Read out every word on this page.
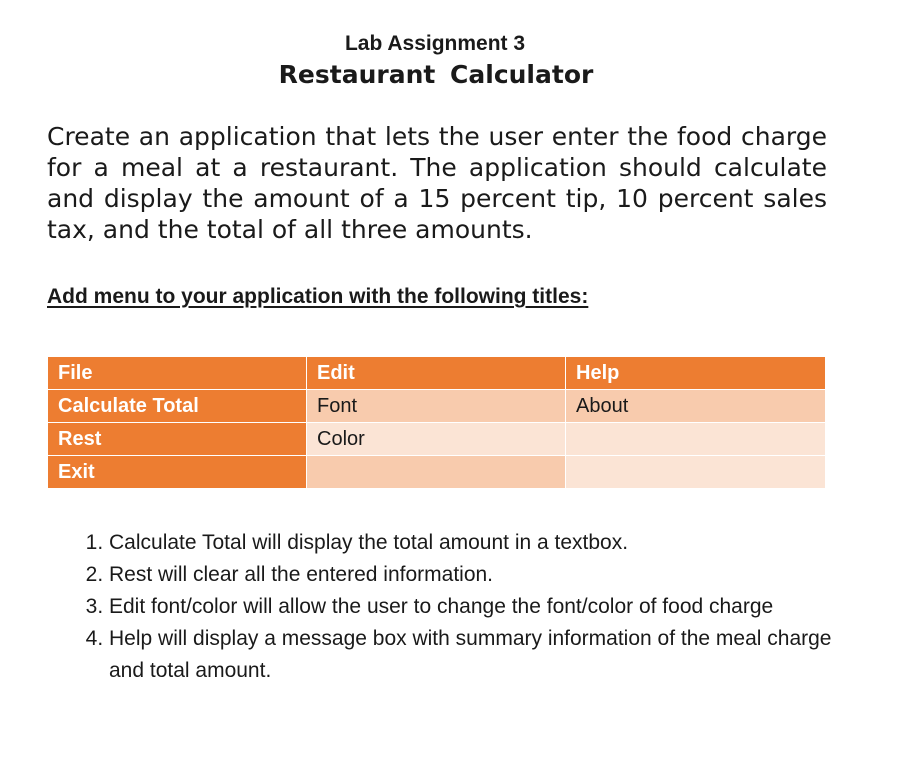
Lab Assignment 3
Restaurant Calculator

Create an application that lets the user enter the food charge for a meal at a restaurant. The application should calculate and display the amount of a 15 percent tip, 10 percent sales tax, and the total of all three amounts.

Add menu to your application with the following titles:

File	Edit	Help
Calculate Total	Font	About
Rest	Color	
Exit		
1. Calculate Total will display the total amount in a textbox.
2. Rest will clear all the entered information.
3. Edit font/color will allow the user to change the font/color of food charge
4. Help will display a message box with summary information of the meal charge and total amount.
